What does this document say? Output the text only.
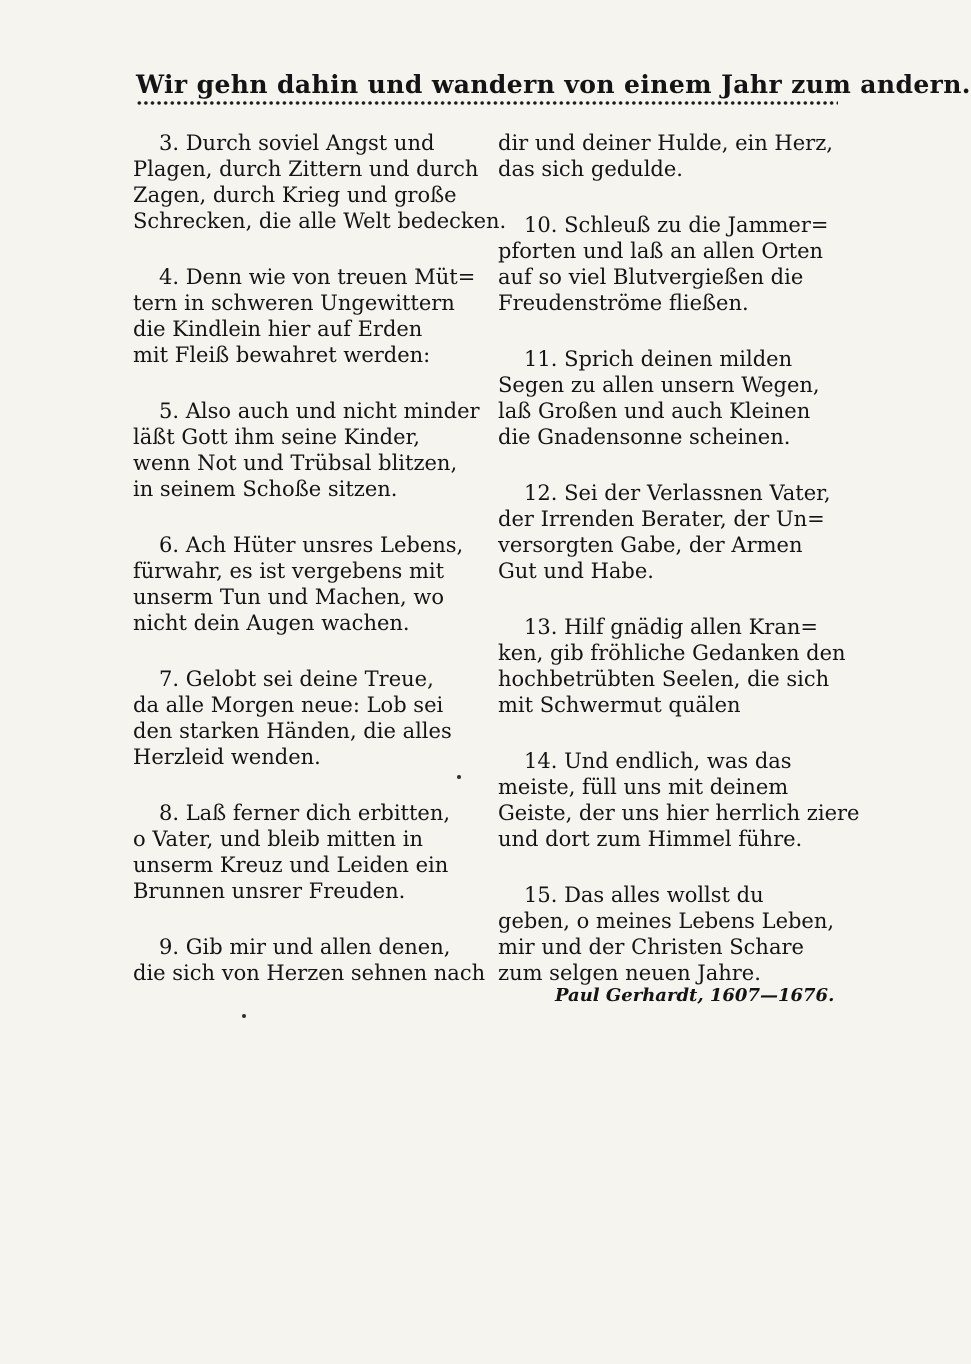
Wir gehn dahin und wandern von einem Jahr zum andern.
3. Durch soviel Angst und
Plagen, durch Zittern und durch
Zagen, durch Krieg und große
Schrecken, die alle Welt bedecken.
4. Denn wie von treuen Müt=
tern in schweren Ungewittern
die Kindlein hier auf Erden
mit Fleiß bewahret werden:
5. Also auch und nicht minder
läßt Gott ihm seine Kinder,
wenn Not und Trübsal blitzen,
in seinem Schoße sitzen.
6. Ach Hüter unsres Lebens,
fürwahr, es ist vergebens mit
unserm Tun und Machen, wo
nicht dein Augen wachen.
7. Gelobt sei deine Treue,
da alle Morgen neue: Lob sei
den starken Händen, die alles
Herzleid wenden.
8. Laß ferner dich erbitten,
o Vater, und bleib mitten in
unserm Kreuz und Leiden ein
Brunnen unsrer Freuden.
9. Gib mir und allen denen,
die sich von Herzen sehnen nach
dir und deiner Hulde, ein Herz,
das sich gedulde.
10. Schleuß zu die Jammer=
pforten und laß an allen Orten
auf so viel Blutvergießen die
Freudenströme fließen.
11. Sprich deinen milden
Segen zu allen unsern Wegen,
laß Großen und auch Kleinen
die Gnadensonne scheinen.
12. Sei der Verlassnen Vater,
der Irrenden Berater, der Un=
versorgten Gabe, der Armen
Gut und Habe.
13. Hilf gnädig allen Kran=
ken, gib fröhliche Gedanken den
hochbetrübten Seelen, die sich
mit Schwermut quälen
14. Und endlich, was das
meiste, füll uns mit deinem
Geiste, der uns hier herrlich ziere
und dort zum Himmel führe.
15. Das alles wollst du
geben, o meines Lebens Leben,
mir und der Christen Schare
zum selgen neuen Jahre.
Paul Gerhardt, 1607—1676.
